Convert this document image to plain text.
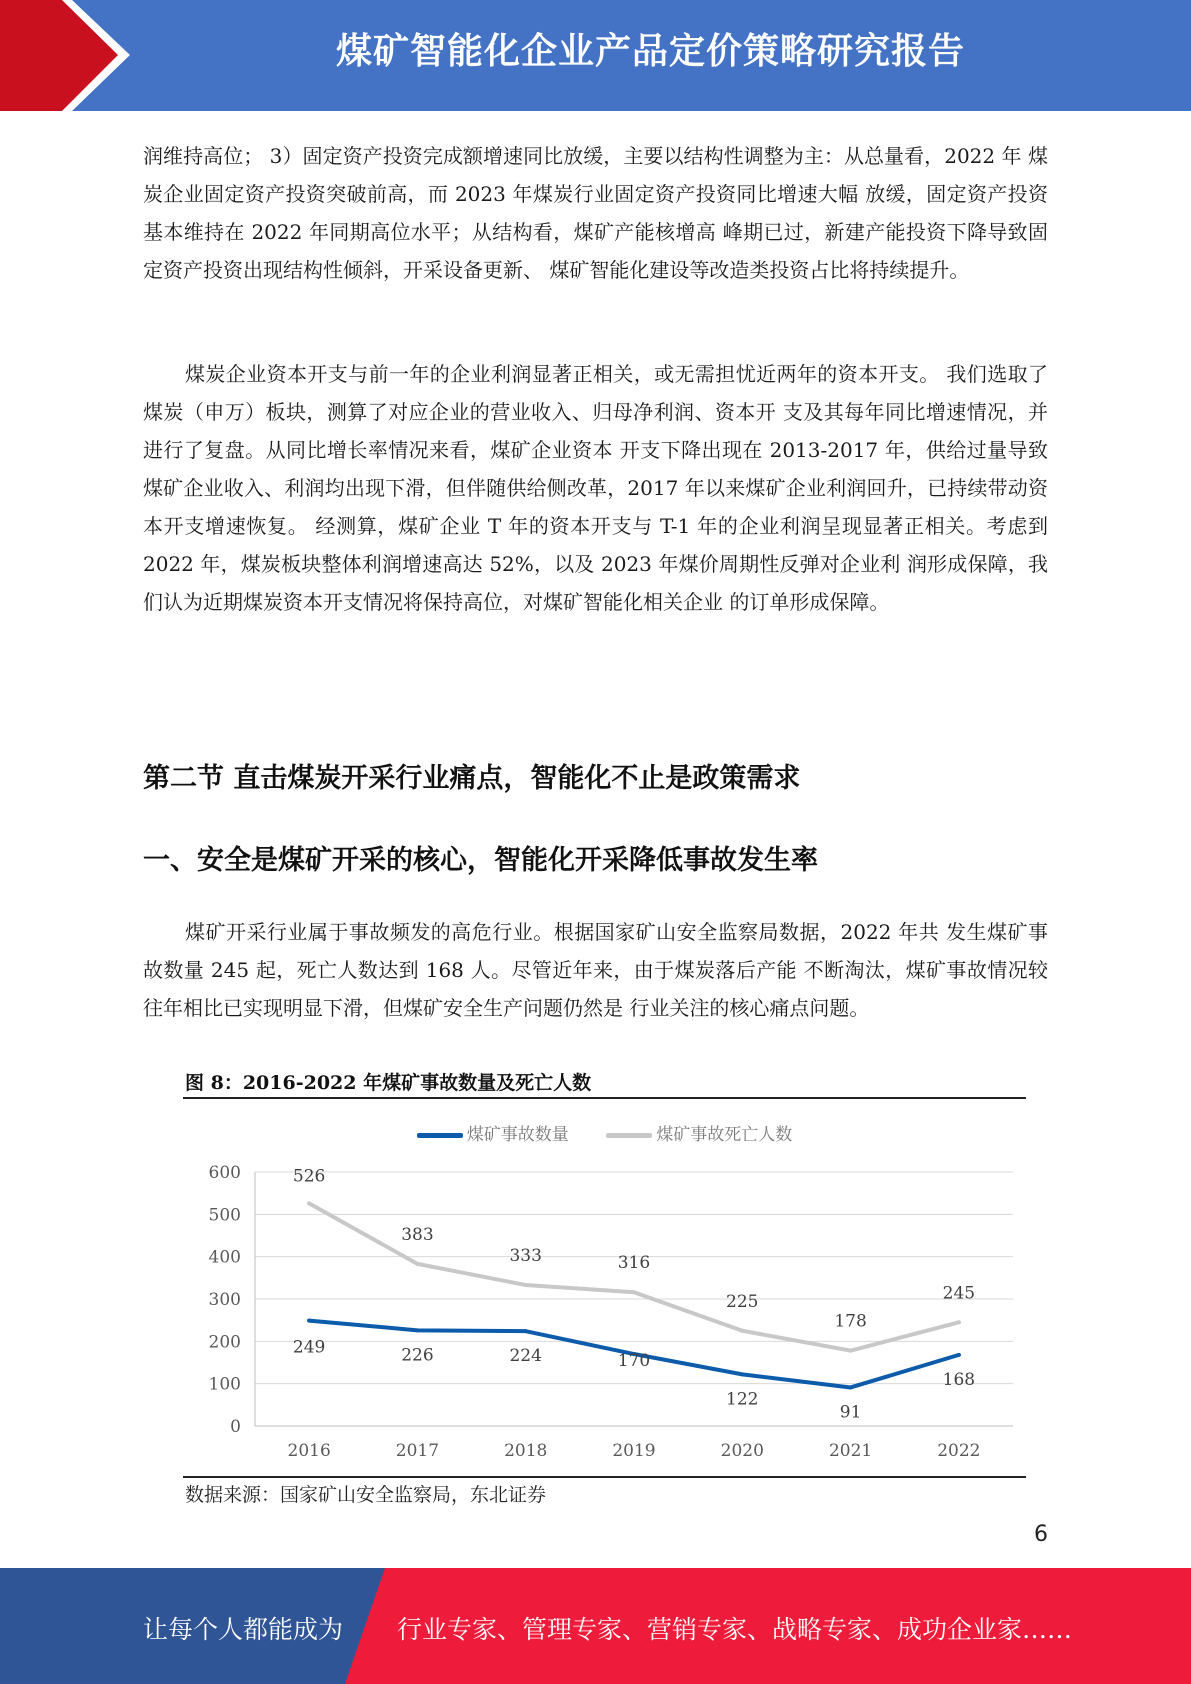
煤矿智能化企业产品定价策略研究报告

润维持高位； 3）固定资产投资完成额增速同比放缓，主要以结构性调整为主：从总量看，2022 年 煤炭企业固定资产投资突破前高，而 2023 年煤炭行业固定资产投资同比增速大幅 放缓，固定资产投资基本维持在 2022 年同期高位水平；从结构看，煤矿产能核增高 峰期已过，新建产能投资下降导致固定资产投资出现结构性倾斜，开采设备更新、 煤矿智能化建设等改造类投资占比将持续提升。

煤炭企业资本开支与前一年的企业利润显著正相关，或无需担忧近两年的资本开支。 我们选取了煤炭（申万）板块，测算了对应企业的营业收入、归母净利润、资本开 支及其每年同比增速情况，并进行了复盘。从同比增长率情况来看，煤矿企业资本 开支下降出现在 2013-2017 年，供给过量导致煤矿企业收入、利润均出现下滑，但伴随供给侧改革，2017 年以来煤矿企业利润回升，已持续带动资本开支增速恢复。 经测算，煤矿企业 T 年的资本开支与 T-1 年的企业利润呈现显著正相关。考虑到 2022 年，煤炭板块整体利润增速高达 52%，以及 2023 年煤价周期性反弹对企业利 润形成保障，我们认为近期煤炭资本开支情况将保持高位，对煤矿智能化相关企业 的订单形成保障。

第二节 直击煤炭开采行业痛点，智能化不止是政策需求
一、安全是煤矿开采的核心，智能化开采降低事故发生率

煤矿开采行业属于事故频发的高危行业。根据国家矿山安全监察局数据，2022 年共 发生煤矿事故数量 245 起，死亡人数达到 168 人。尽管近年来，由于煤炭落后产能 不断淘汰，煤矿事故情况较往年相比已实现明显下滑，但煤矿安全生产问题仍然是 行业关注的核心痛点问题。

图 8：2016-2022 年煤矿事故数量及死亡人数
煤矿事故数量	煤矿事故死亡人数
0
100
200
300
400
500
600
2016	2017	2018	2019	2020	2021	2022
526
383
333	316
225
178
245
249	226	224	170
122
91
168
数据来源：国家矿山安全监察局，东北证券
6
让每个人都能成为 行业专家、管理专家、营销专家、战略专家、成功企业家……
